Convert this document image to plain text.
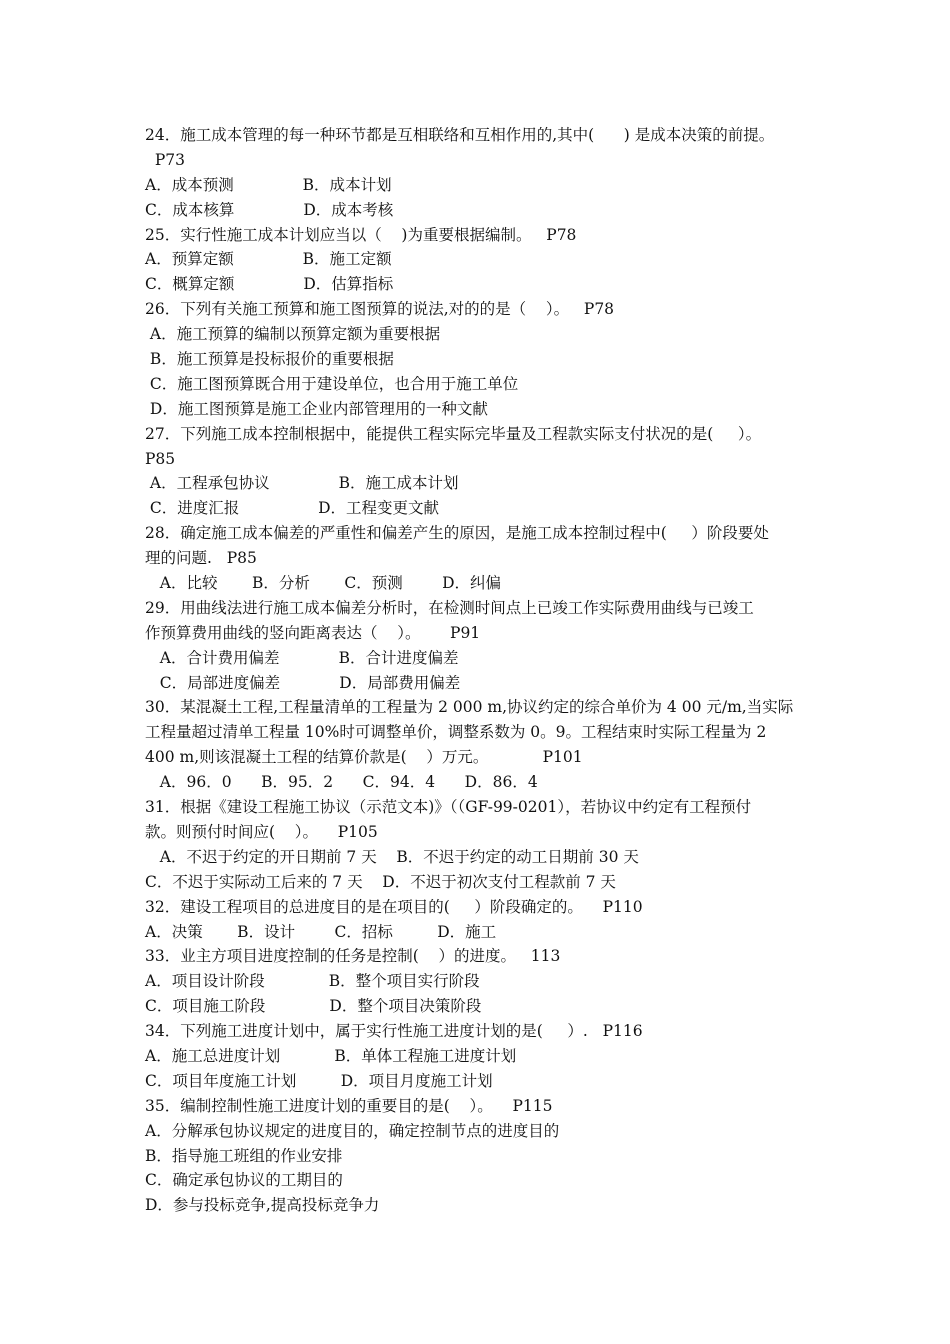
24．施工成本管理的每一种环节都是互相联络和互相作用的,其中(      ) 是成本决策的前提。
P73
A．成本预测              B．成本计划
C．成本核算              D．成本考核
25．实行性施工成本计划应当以（    )为重要根据编制。   P78
A．预算定额              B．施工定额
C．概算定额              D．估算指标
26．下列有关施工预算和施工图预算的说法,对的的是（    ）。   P78
A．施工预算的编制以预算定额为重要根据
B．施工预算是投标报价的重要根据
C．施工图预算既合用于建设单位，也合用于施工单位
D．施工图预算是施工企业内部管理用的一种文献
27．下列施工成本控制根据中，能提供工程实际完毕量及工程款实际支付状况的是(     ）。
P85
A．工程承包协议              B．施工成本计划
C．进度汇报                D．工程变更文献
28．确定施工成本偏差的严重性和偏差产生的原因，是施工成本控制过程中(     ）阶段要处
理的问题.   P85
A．比较       B．分析       C．预测        D．纠偏
29．用曲线法进行施工成本偏差分析时，在检测时间点上已竣工作实际费用曲线与已竣工
作预算费用曲线的竖向距离表达（    ）。      P91
A．合计费用偏差            B．合计进度偏差
C．局部进度偏差            D．局部费用偏差
30．某混凝土工程,工程量清单的工程量为 2 000 m,协议约定的综合单价为 4 00 元/m,当实际
工程量超过清单工程量 10%时可调整单价，调整系数为 0。9。工程结束时实际工程量为 2
400 m,则该混凝土工程的结算价款是(    ）万元。           P101
A．96．0      B．95．2      C．94．4      D．86．4
31．根据《建设工程施工协议（示范文本)》（（GF-99-0201），若协议中约定有工程预付
款。则预付时间应(    ）。    P105
A．不迟于约定的开日期前 7 天    B．不迟于约定的动工日期前 30 天
C．不迟于实际动工后来的 7 天    D．不迟于初次支付工程款前 7 天
32．建设工程项目的总进度目的是在项目的(     ）阶段确定的。    P110
A．决策       B．设计        C．招标         D．施工
33．业主方项目进度控制的任务是控制(    ）的进度。   113
A．项目设计阶段             B．整个项目实行阶段
C．项目施工阶段             D．整个项目决策阶段
34．下列施工进度计划中，属于实行性施工进度计划的是(     ）.   P116
A．施工总进度计划           B．单体工程施工进度计划
C．项目年度施工计划         D．项目月度施工计划
35．编制控制性施工进度计划的重要目的是(    ）。    P115
A．分解承包协议规定的进度目的，确定控制节点的进度目的
B．指导施工班组的作业安排
C．确定承包协议的工期目的
D．参与投标竞争,提高投标竞争力
